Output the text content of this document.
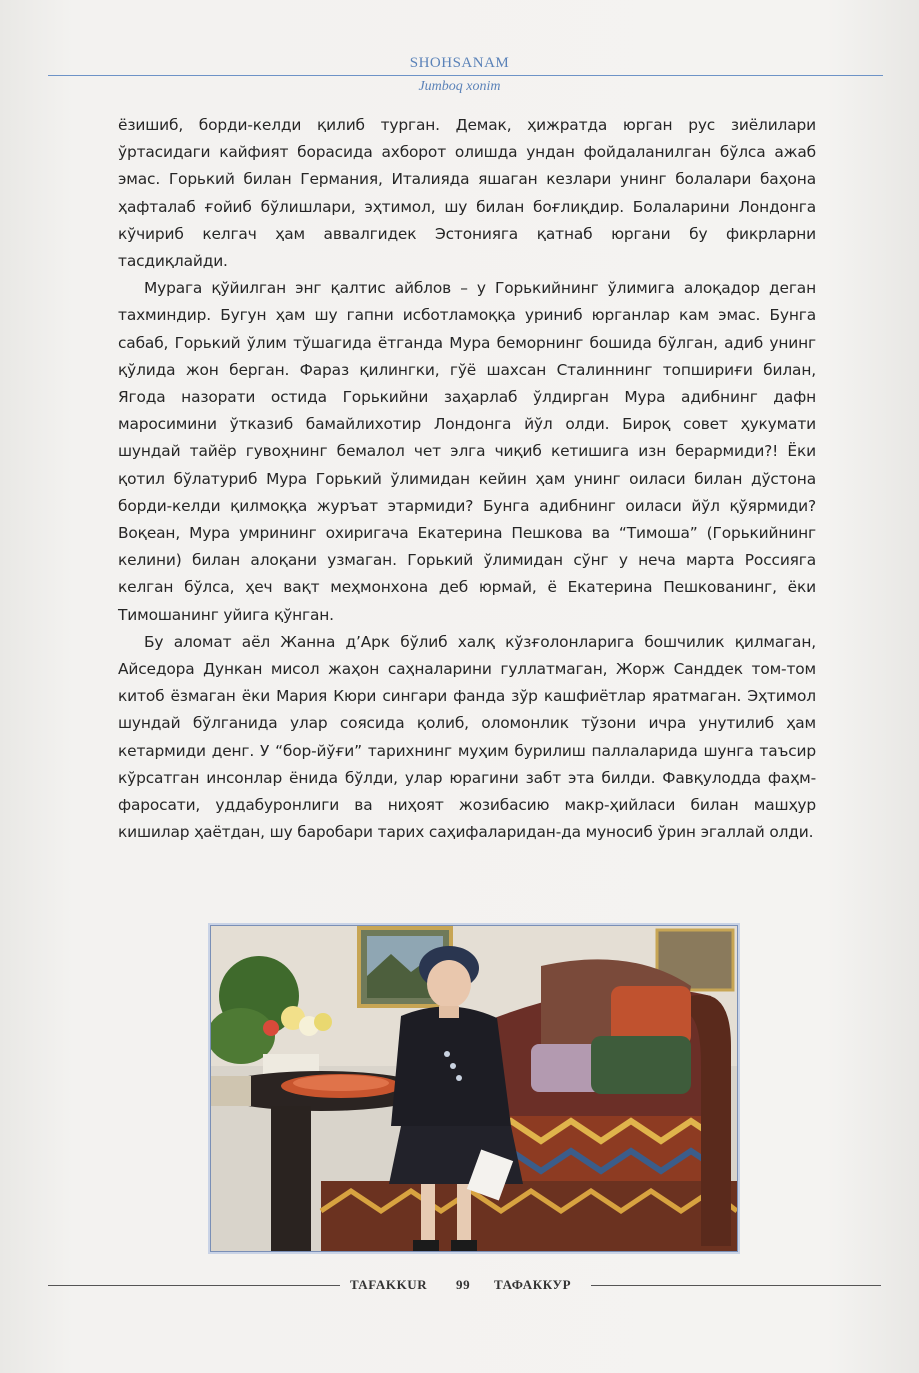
SHOHSANAM
Jumboq xonim

ёзишиб, борди-келди қилиб турган. Демак, ҳижратда юрган рус зиёлилари ўртасидаги кайфият борасида ахборот олишда ундан фойдаланилган бўлса ажаб эмас. Горький билан Германия, Италияда яшаган кезлари унинг болалари баҳона ҳафталаб ғойиб бўлишлари, эҳтимол, шу билан боғлиқдир. Болаларини Лондонга кўчириб келгач ҳам аввалгидек Эстонияга қатнаб юргани бу фикрларни тасдиқлайди.

Мурага қўйилган энг қалтис айблов – у Горькийнинг ўлимига алоқадор деган тахминдир. Бугун ҳам шу гапни исботламоққа уриниб юрганлар кам эмас. Бунга сабаб, Горький ўлим тўшагида ётганда Мура беморнинг бошида бўлган, адиб унинг қўлида жон берган. Фараз қилингки, гўё шахсан Сталиннинг топшириғи билан, Ягода назорати остида Горькийни заҳарлаб ўлдирган Мура адибнинг дафн маросимини ўтказиб бамайлихотир Лондонга йўл олди. Бироқ совет ҳукумати шундай тайёр гувоҳнинг бемалол чет элга чиқиб кетишига изн берармиди?! Ёки қотил бўлатуриб Мура Горький ўлимидан кейин ҳам унинг оиласи билан дўстона борди-келди қилмоққа журъат этармиди? Бунга адибнинг оиласи йўл қўярмиди? Воқеан, Мура умрининг охиригача Екатерина Пешкова ва “Тимоша” (Горькийнинг келини) билан алоқани узмаган. Горький ўлимидан сўнг у неча марта Россияга келган бўлса, ҳеч вақт меҳмонхона деб юрмай, ё Екатерина Пешкованинг, ёки Тимошанинг уйига қўнган.

Бу аломат аёл Жанна д’Арк бўлиб халқ кўзғолонларига бошчилик қилмаган, Айседора Дункан мисол жаҳон саҳналарини гуллатмаган, Жорж Санддек том-том китоб ёзмаган ёки Мария Кюри сингари фанда зўр кашфиётлар яратмаган. Эҳтимол шундай бўлганида улар соясида қолиб, оломонлик тўзони ичра унутилиб ҳам кетармиди денг. У “бор-йўғи” тарихнинг муҳим бурилиш паллаларида шунга таъсир кўрсатган инсонлар ёнида бўлди, улар юрагини забт эта билди. Фавқулодда фаҳм-фаросати, уддабуронлиги ва ниҳоят жозибасию макр-ҳийласи билан машҳур кишилар ҳаётдан, шу баробари тарих саҳифаларидан-да муносиб ўрин эгаллай олди.

TAFAKKUR 99 ТАФАККУР
